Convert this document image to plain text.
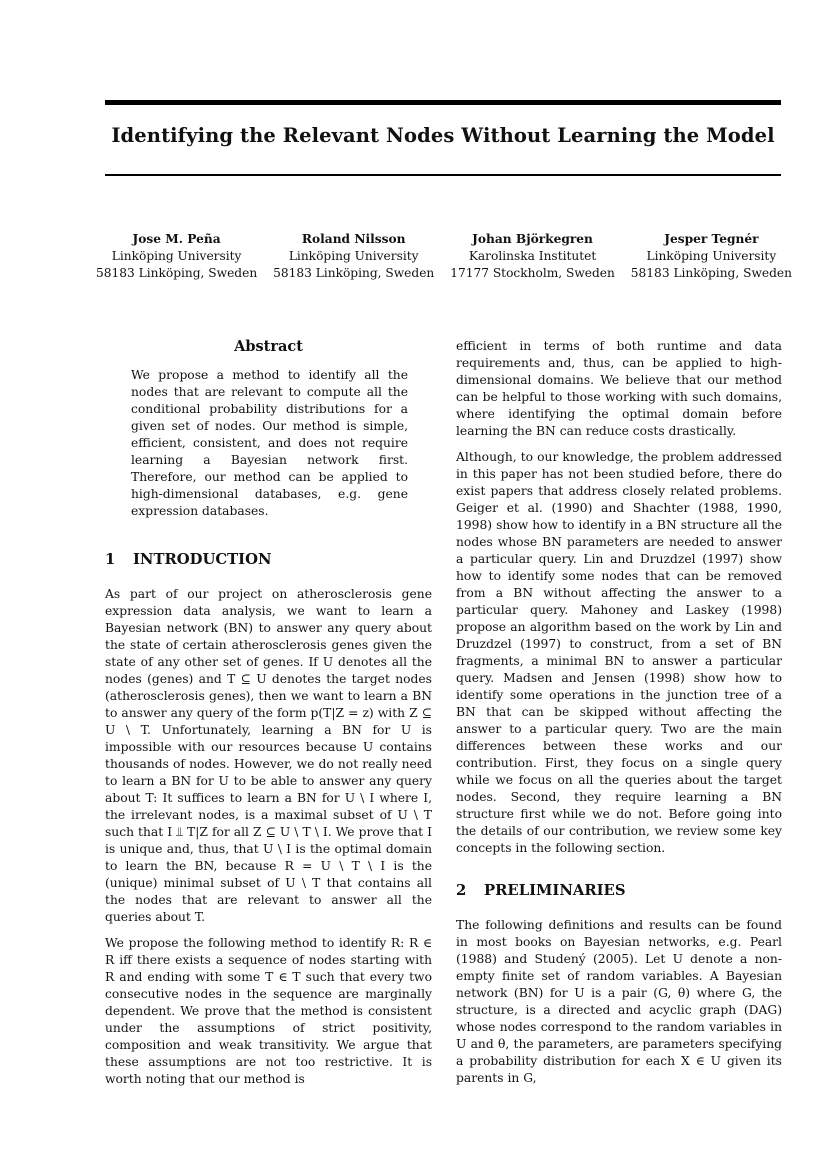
Identifying the Relevant Nodes Without Learning the Model
Jose M. Peña
Linköping University
58183 Linköping, Sweden
Roland Nilsson
Linköping University
58183 Linköping, Sweden
Johan Björkegren
Karolinska Institutet
17177 Stockholm, Sweden
Jesper Tegnér
Linköping University
58183 Linköping, Sweden
Abstract

We propose a method to identify all the nodes that are relevant to compute all the conditional probability distributions for a given set of nodes. Our method is simple, efficient, consistent, and does not require learning a Bayesian network first. Therefore, our method can be applied to high-dimensional databases, e.g. gene expression databases.

1	INTRODUCTION

As part of our project on atherosclerosis gene expression data analysis, we want to learn a Bayesian network (BN) to answer any query about the state of certain atherosclerosis genes given the state of any other set of genes. If U denotes all the nodes (genes) and T ⊆ U denotes the target nodes (atherosclerosis genes), then we want to learn a BN to answer any query of the form p(T|Z = z) with Z ⊆ U \ T. Unfortunately, learning a BN for U is impossible with our resources because U contains thousands of nodes. However, we do not really need to learn a BN for U to be able to answer any query about T: It suffices to learn a BN for U \ I where I, the irrelevant nodes, is a maximal subset of U \ T such that I ⫫ T|Z for all Z ⊆ U \ T \ I. We prove that I is unique and, thus, that U \ I is the optimal domain to learn the BN, because R = U \ T \ I is the (unique) minimal subset of U \ T that contains all the nodes that are relevant to answer all the queries about T.

We propose the following method to identify R: R ∈ R iff there exists a sequence of nodes starting with R and ending with some T ∈ T such that every two consecutive nodes in the sequence are marginally dependent. We prove that the method is consistent under the assumptions of strict positivity, composition and weak transitivity. We argue that these assumptions are not too restrictive. It is worth noting that our method is

efficient in terms of both runtime and data requirements and, thus, can be applied to high-dimensional domains. We believe that our method can be helpful to those working with such domains, where identifying the optimal domain before learning the BN can reduce costs drastically.

Although, to our knowledge, the problem addressed in this paper has not been studied before, there do exist papers that address closely related problems. Geiger et al. (1990) and Shachter (1988, 1990, 1998) show how to identify in a BN structure all the nodes whose BN parameters are needed to answer a particular query. Lin and Druzdzel (1997) show how to identify some nodes that can be removed from a BN without affecting the answer to a particular query. Mahoney and Laskey (1998) propose an algorithm based on the work by Lin and Druzdzel (1997) to construct, from a set of BN fragments, a minimal BN to answer a particular query. Madsen and Jensen (1998) show how to identify some operations in the junction tree of a BN that can be skipped without affecting the answer to a particular query. Two are the main differences between these works and our contribution. First, they focus on a single query while we focus on all the queries about the target nodes. Second, they require learning a BN structure first while we do not. Before going into the details of our contribution, we review some key concepts in the following section.

2	PRELIMINARIES

The following definitions and results can be found in most books on Bayesian networks, e.g. Pearl (1988) and Studený (2005). Let U denote a non-empty finite set of random variables. A Bayesian network (BN) for U is a pair (G, θ) where G, the structure, is a directed and acyclic graph (DAG) whose nodes correspond to the random variables in U and θ, the parameters, are parameters specifying a probability distribution for each X ∈ U given its parents in G,
